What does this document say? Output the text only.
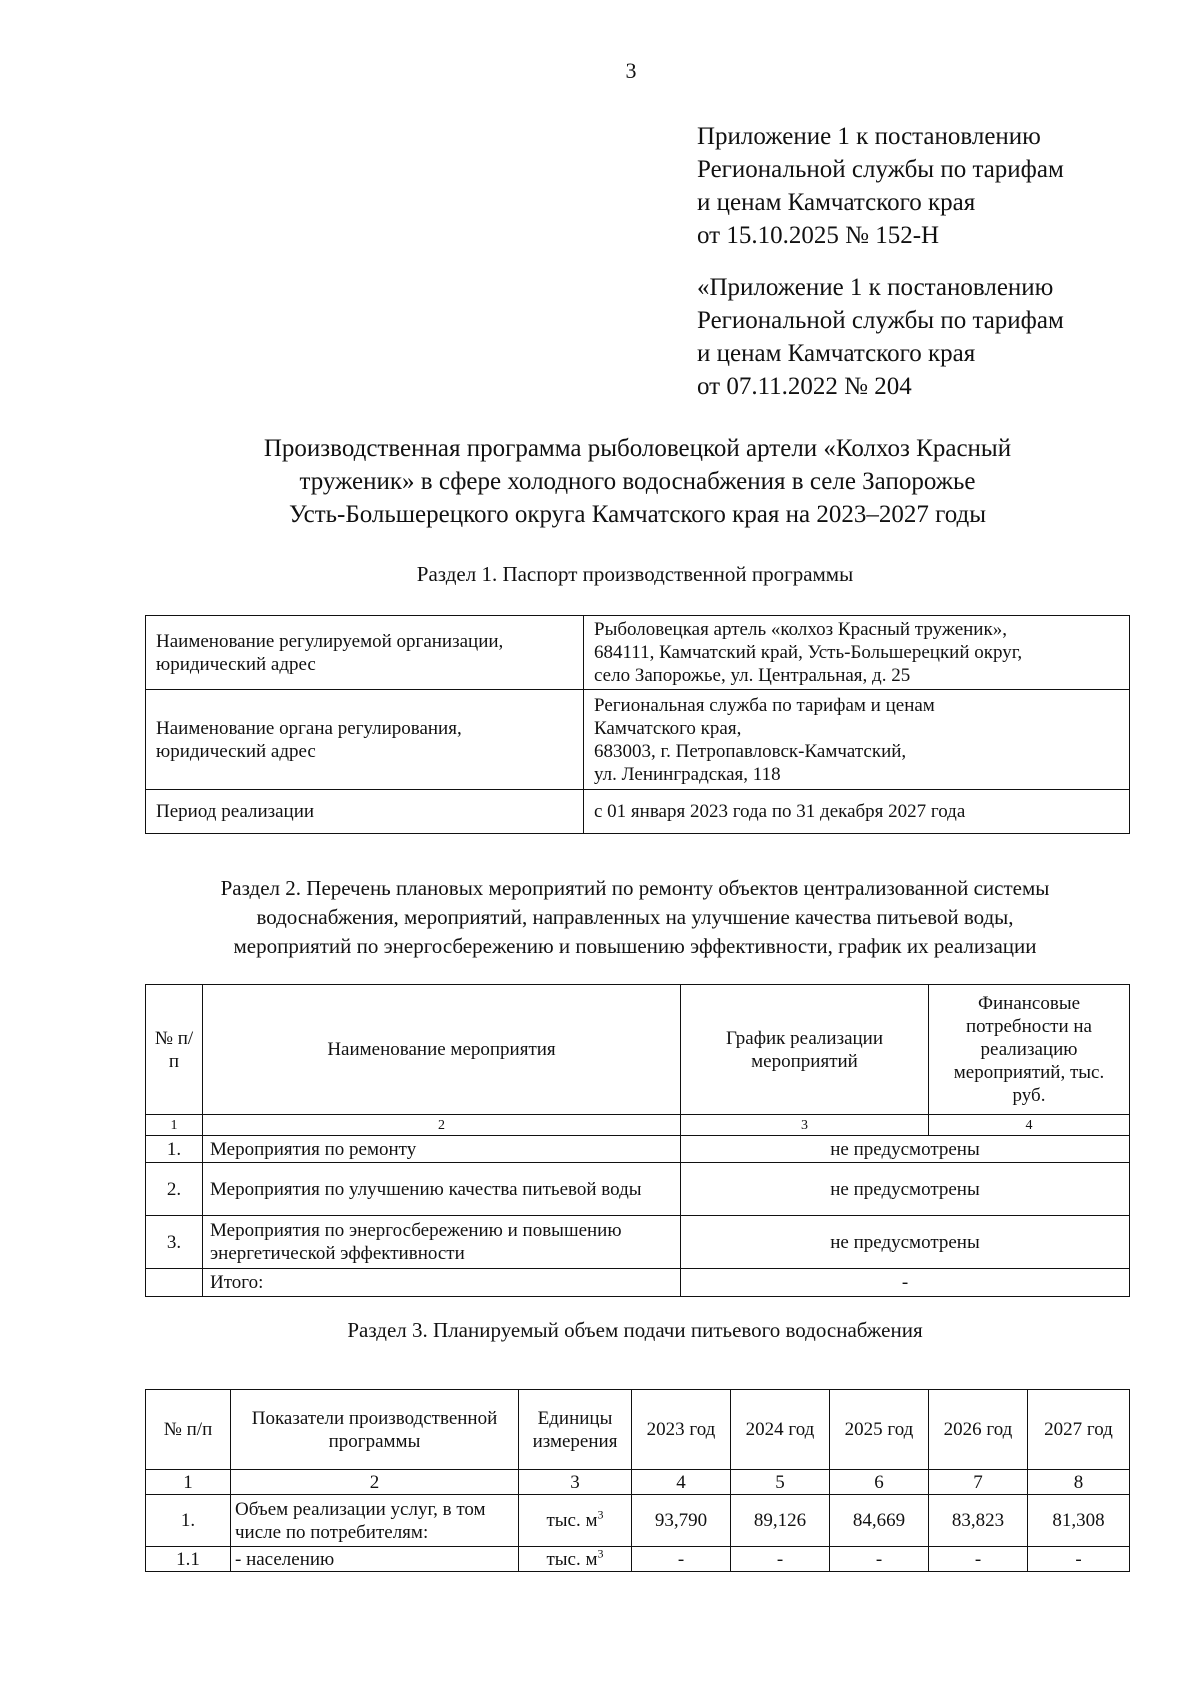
3
Приложение 1 к постановлению
Региональной службы по тарифам
и ценам Камчатского края
от 15.10.2025 № 152-Н
«Приложение 1 к постановлению
Региональной службы по тарифам
и ценам Камчатского края
от 07.11.2022 № 204
Производственная программа рыболовецкой артели «Колхоз Красный
труженик» в сфере холодного водоснабжения в селе Запорожье
Усть-Большерецкого округа Камчатского края на 2023–2027 годы
Раздел 1. Паспорт производственной программы
Наименование регулируемой организации, юридический адрес	Рыболовецкая артель «колхоз Красный труженик»,
684111, Камчатский край, Усть-Большерецкий округ,
село Запорожье, ул. Центральная, д. 25

Наименование органа регулирования, юридический адрес	Региональная служба по тарифам и ценам
Камчатского края,
683003, г. Петропавловск-Камчатский,
ул. Ленинградская, 118

Период реализации	с 01 января 2023 года по 31 декабря 2027 года
Раздел 2. Перечень плановых мероприятий по ремонту объектов централизованной системы
водоснабжения, мероприятий, направленных на улучшение качества питьевой воды,
мероприятий по энергосбережению и повышению эффективности, график их реализации
№ п/п	Наименование мероприятия	График реализации мероприятий	Финансовые потребности на реализацию мероприятий, тыс. руб.
1	2	3	4
1.	Мероприятия по ремонту	не предусмотрены	
2.	Мероприятия по улучшению качества питьевой воды	не предусмотрены	
3.	Мероприятия по энергосбережению и повышению энергетической эффективности	не предусмотрены	
	Итого:	-	
Раздел 3. Планируемый объем подачи питьевого водоснабжения
№ п/п	Показатели производственной программы	Единицы измерения	2023 год	2024 год	2025 год	2026 год	2027 год
1	2	3	4	5	6	7	8
1.	Объем реализации услуг, в том числе по потребителям:	тыс. $м^3$	93,790	89,126	84,669	83,823	81,308
1.1	- населению	тыс. $м^3$	-	-	-	-	-
